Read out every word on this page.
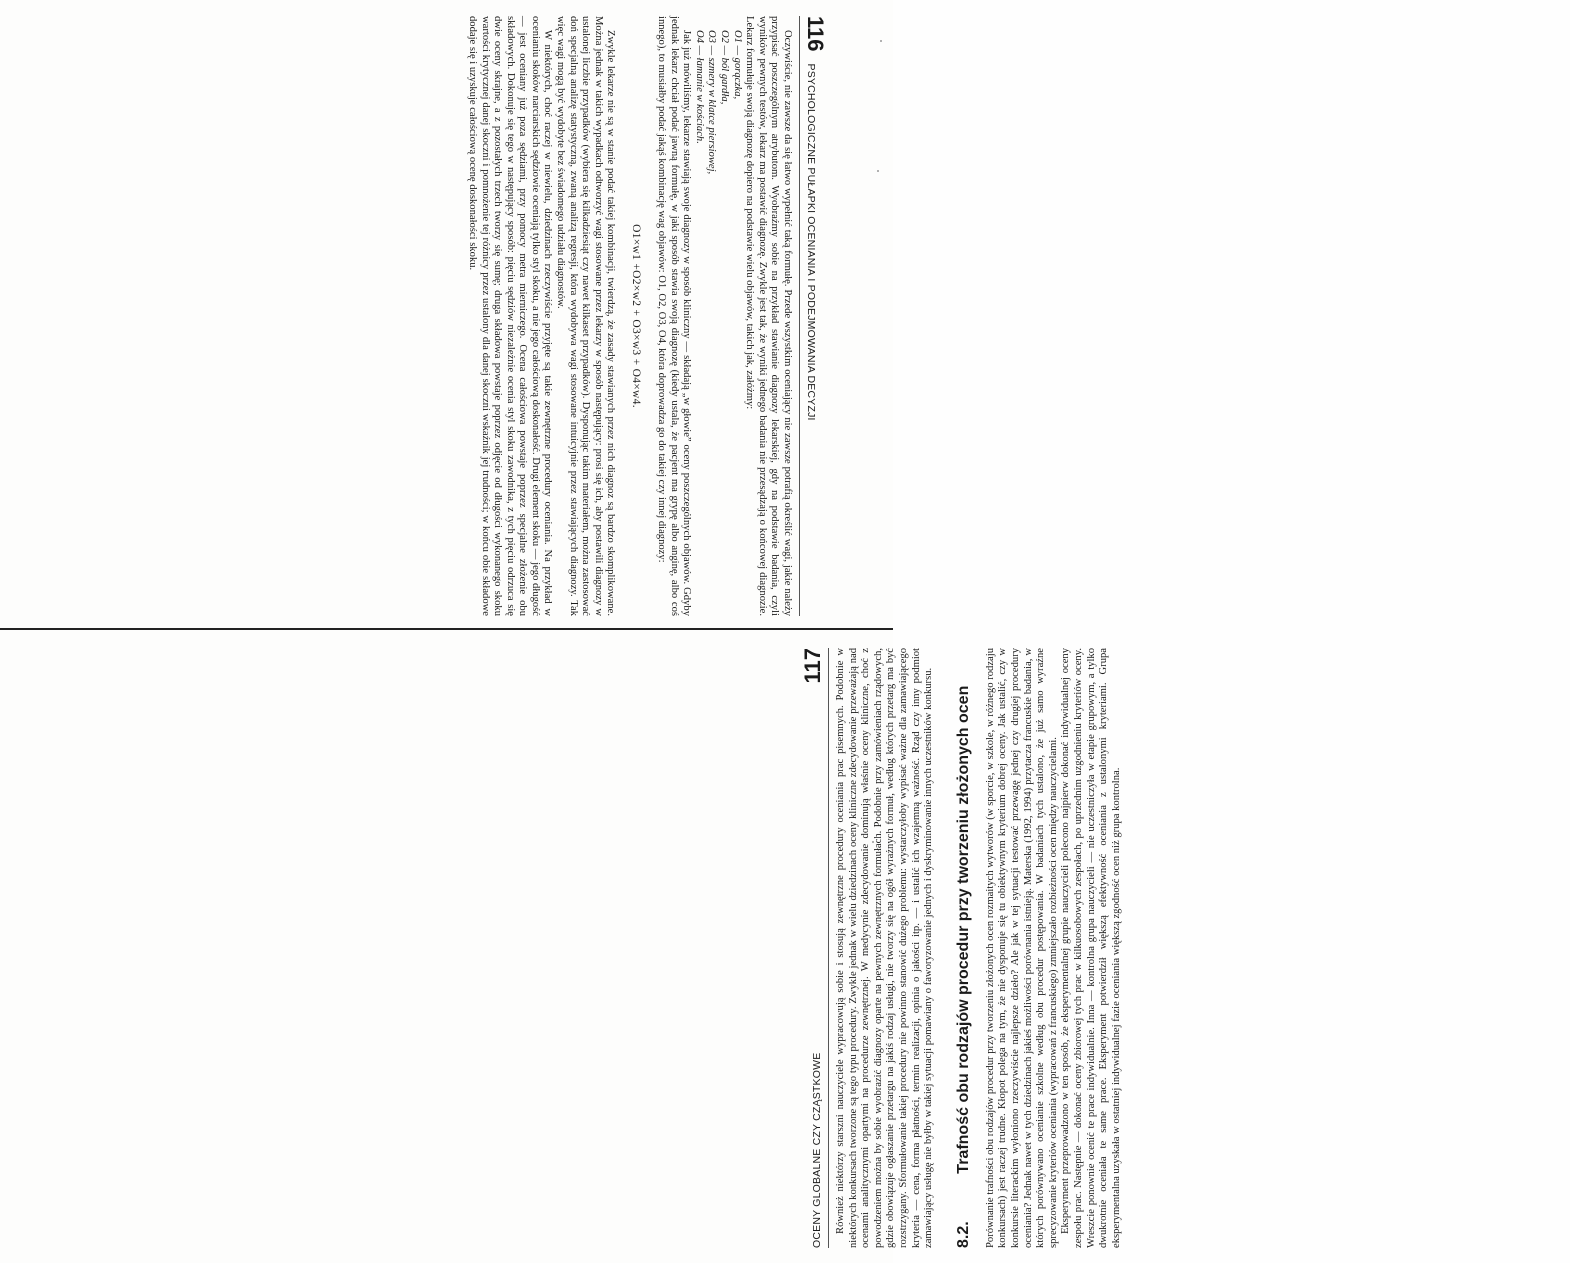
116
PSYCHOLOGICZNE PUŁAPKI OCENIANIA I PODEJMOWANIA DECYZJI

Oczywiście, nie zawsze da się łatwo wypełnić taką formułę. Przede wszystkim oceniający nie zawsze potrafią określić wagi, jakie należy przypisać poszczególnym atrybutom. Wyobraźmy sobie na przykład stawianie diagnozy lekarskiej, gdy na podstawie badania, czyli wyników pewnych testów, lekarz ma postawić diagnozę. Zwykle jest tak, że wyniki jednego badania nie przesądzają o końcowej diagnozie. Lekarz formułuje swoją diagnozę dopiero na podstawie wielu objawów, takich jak, załóżmy:

O1 — gorączka,
O2 — ból gardła,
O3 — szmery w klatce piersiowej,
O4 — łamanie w kościach.

Jak już mówiliśmy, lekarze stawiają swoje diagnozy w sposób kliniczny — składają „w głowie” oceny poszczególnych objawów. Gdyby jednak lekarz chciał podać jawną formułę, w jaki sposób stawia swoją diagnozę (kiedy ustala, że pacjent ma grypę albo anginę, albo coś innego), to musiałby podać jakąś kombinację wag objawów: O1, O2, O3, O4, która doprowadza go do takiej czy innej diagnozy:

O1×w1 +O2×w2 + O3×w3 + O4×w4.

Zwykle lekarze nie są w stanie podać takiej kombinacji, twierdzą, że zasady stawianych przez nich diagnoz są bardzo skomplikowane. Można jednak w takich wypadkach odtworzyć wagi stosowane przez lekarzy w sposób następujący: prosi się ich, aby postawili diagnozy w ustalonej liczbie przypadków (wybiera się kilkadziesiąt czy nawet kilkaset przypadków). Dysponując takim materiałem, można zastosować doń specjalną analizę statystyczną, zwaną analizą regresji, która wydobywa wagi stosowane intuicyjnie przez stawiających diagnozy. Tak więc wagi mogą być wydobyte bez świadomego udziału diagnostów.

W niektórych, choć raczej w niewielu, dziedzinach rzeczywiście przyjęte są takie zewnętrzne procedury oceniania. Na przykład w ocenianiu skoków narciarskich sędziowie oceniają tylko styl skoku, a nie jego całościową doskonałość. Drugi element skoku — jego długość — jest oceniany już poza sędziami, przy pomocy metra mierniczego. Ocena całościowa powstaje poprzez specjalne złożenie obu składowych. Dokonuje się tego w następujący sposób: pięciu sędziów niezależnie ocenia styl skoku zawodnika, z tych pięciu odrzuca się dwie oceny skrajne, a z pozostałych trzech tworzy się sumę; druga składowa powstaje poprzez odjęcie od długości wykonanego skoku wartości krytycznej danej skoczni i pomnożenie tej różnicy przez ustalony dla danej skoczni wskaźnik jej trudności; w końcu obie składowe dodaje się i uzyskuje całościową ocenę doskonałości skoku.

OCENY GLOBALNE CZY CZĄSTKOWE
117 Również niektórzy starszni nauczyciele wypracowują sobie i stosują zewnętrzne procedury oceniania prac pisemnych. Podobnie w niektórych konkursach tworzone są tego typu procedury. Zwykle jednak w wielu dziedzinach oceny kliniczne zdecydowanie przeważają nad ocenami analitycznymi opartymi na procedurze zewnętrznej. W medycynie zdecydowanie dominują właśnie oceny kliniczne, choć z powodzeniem można by sobie wyobrazić diagnozy oparte na pewnych zewnętrznych formułach. Podobnie przy zamówieniach rządowych, gdzie obowiązuje ogłaszanie przetargu na jakiś rodzaj usługi, nie tworzy się na ogół wyrażnych formuł, według których przetarg ma być rozstrzygany. Sformułowanie takiej procedury nie powinno stanowić dużego problemu: wystarczyłoby wypisać ważne dla zamawiającego kryteria — cena, forma płatności, termin realizacji, opinia o jakości itp. — i ustalić ich wzajemną ważność. Rząd czy inny podmiot zamawiający usługę nie byłby w takiej sytuacji pomawiany o faworyzowanie jednych i dyskryminowanie innych uczestników konkursu. 8.2.
Trafność obu rodzajów procedur przy tworzeniu złożonych ocen Porównanie trafności obu rodzajów procedur przy tworzeniu złożonych ocen rozmaitych wytworów (w sporcie, w szkole, w różnego rodzaju konkursach) jest raczej trudne. Kłopot polega na tym, że nie dysponuje się tu obiektywnym kryterium dobrej oceny. Jak ustalić, czy w konkursie literackim wyłoniono rzeczywiście najlepsze dzieło? Ale jak w tej sytuacji testować przewagę jednej czy drugiej procedury oceniania? Jednak nawet w tych dziedzinach jakieś możliwości porównania istnieją. Materska (1992, 1994) przytacza francuskie badania, w których porównywano ocenianie szkolne według obu procedur postępowania. W badaniach tych ustalono, że już samo wyraźne sprecyzowanie kryteriów oceniania (wypracowań z francuskiego) zmniejszało rozbieżności ocen między nauczycielami. Eksperyment przeprowadzono w ten sposób, że eksperymentalnej grupie nauczycieli polecono najpierw dokonać indywidualnej oceny zespołu prac. Następnie — dokonać oceny zbiorowej tych prac w kilkuosobowych zespołach, po uprzednim uzgodnieniu kryteriów oceny. Wreszcie ponownie ocenić te prace indywidualnie. Inna — kontrolna grupa nauczycieli — nie uczestniczyła w etapie grupowym, a tylko dwukrotnie oceniała te same prace. Eksperyment potwierdził większą efektywność oceniania z ustalonymi kryteriami. Grupa eksperymentalna uzyskała w ostatniej indywidualnej fazie oceniania większą zgodność ocen niż grupa kontrolna.
